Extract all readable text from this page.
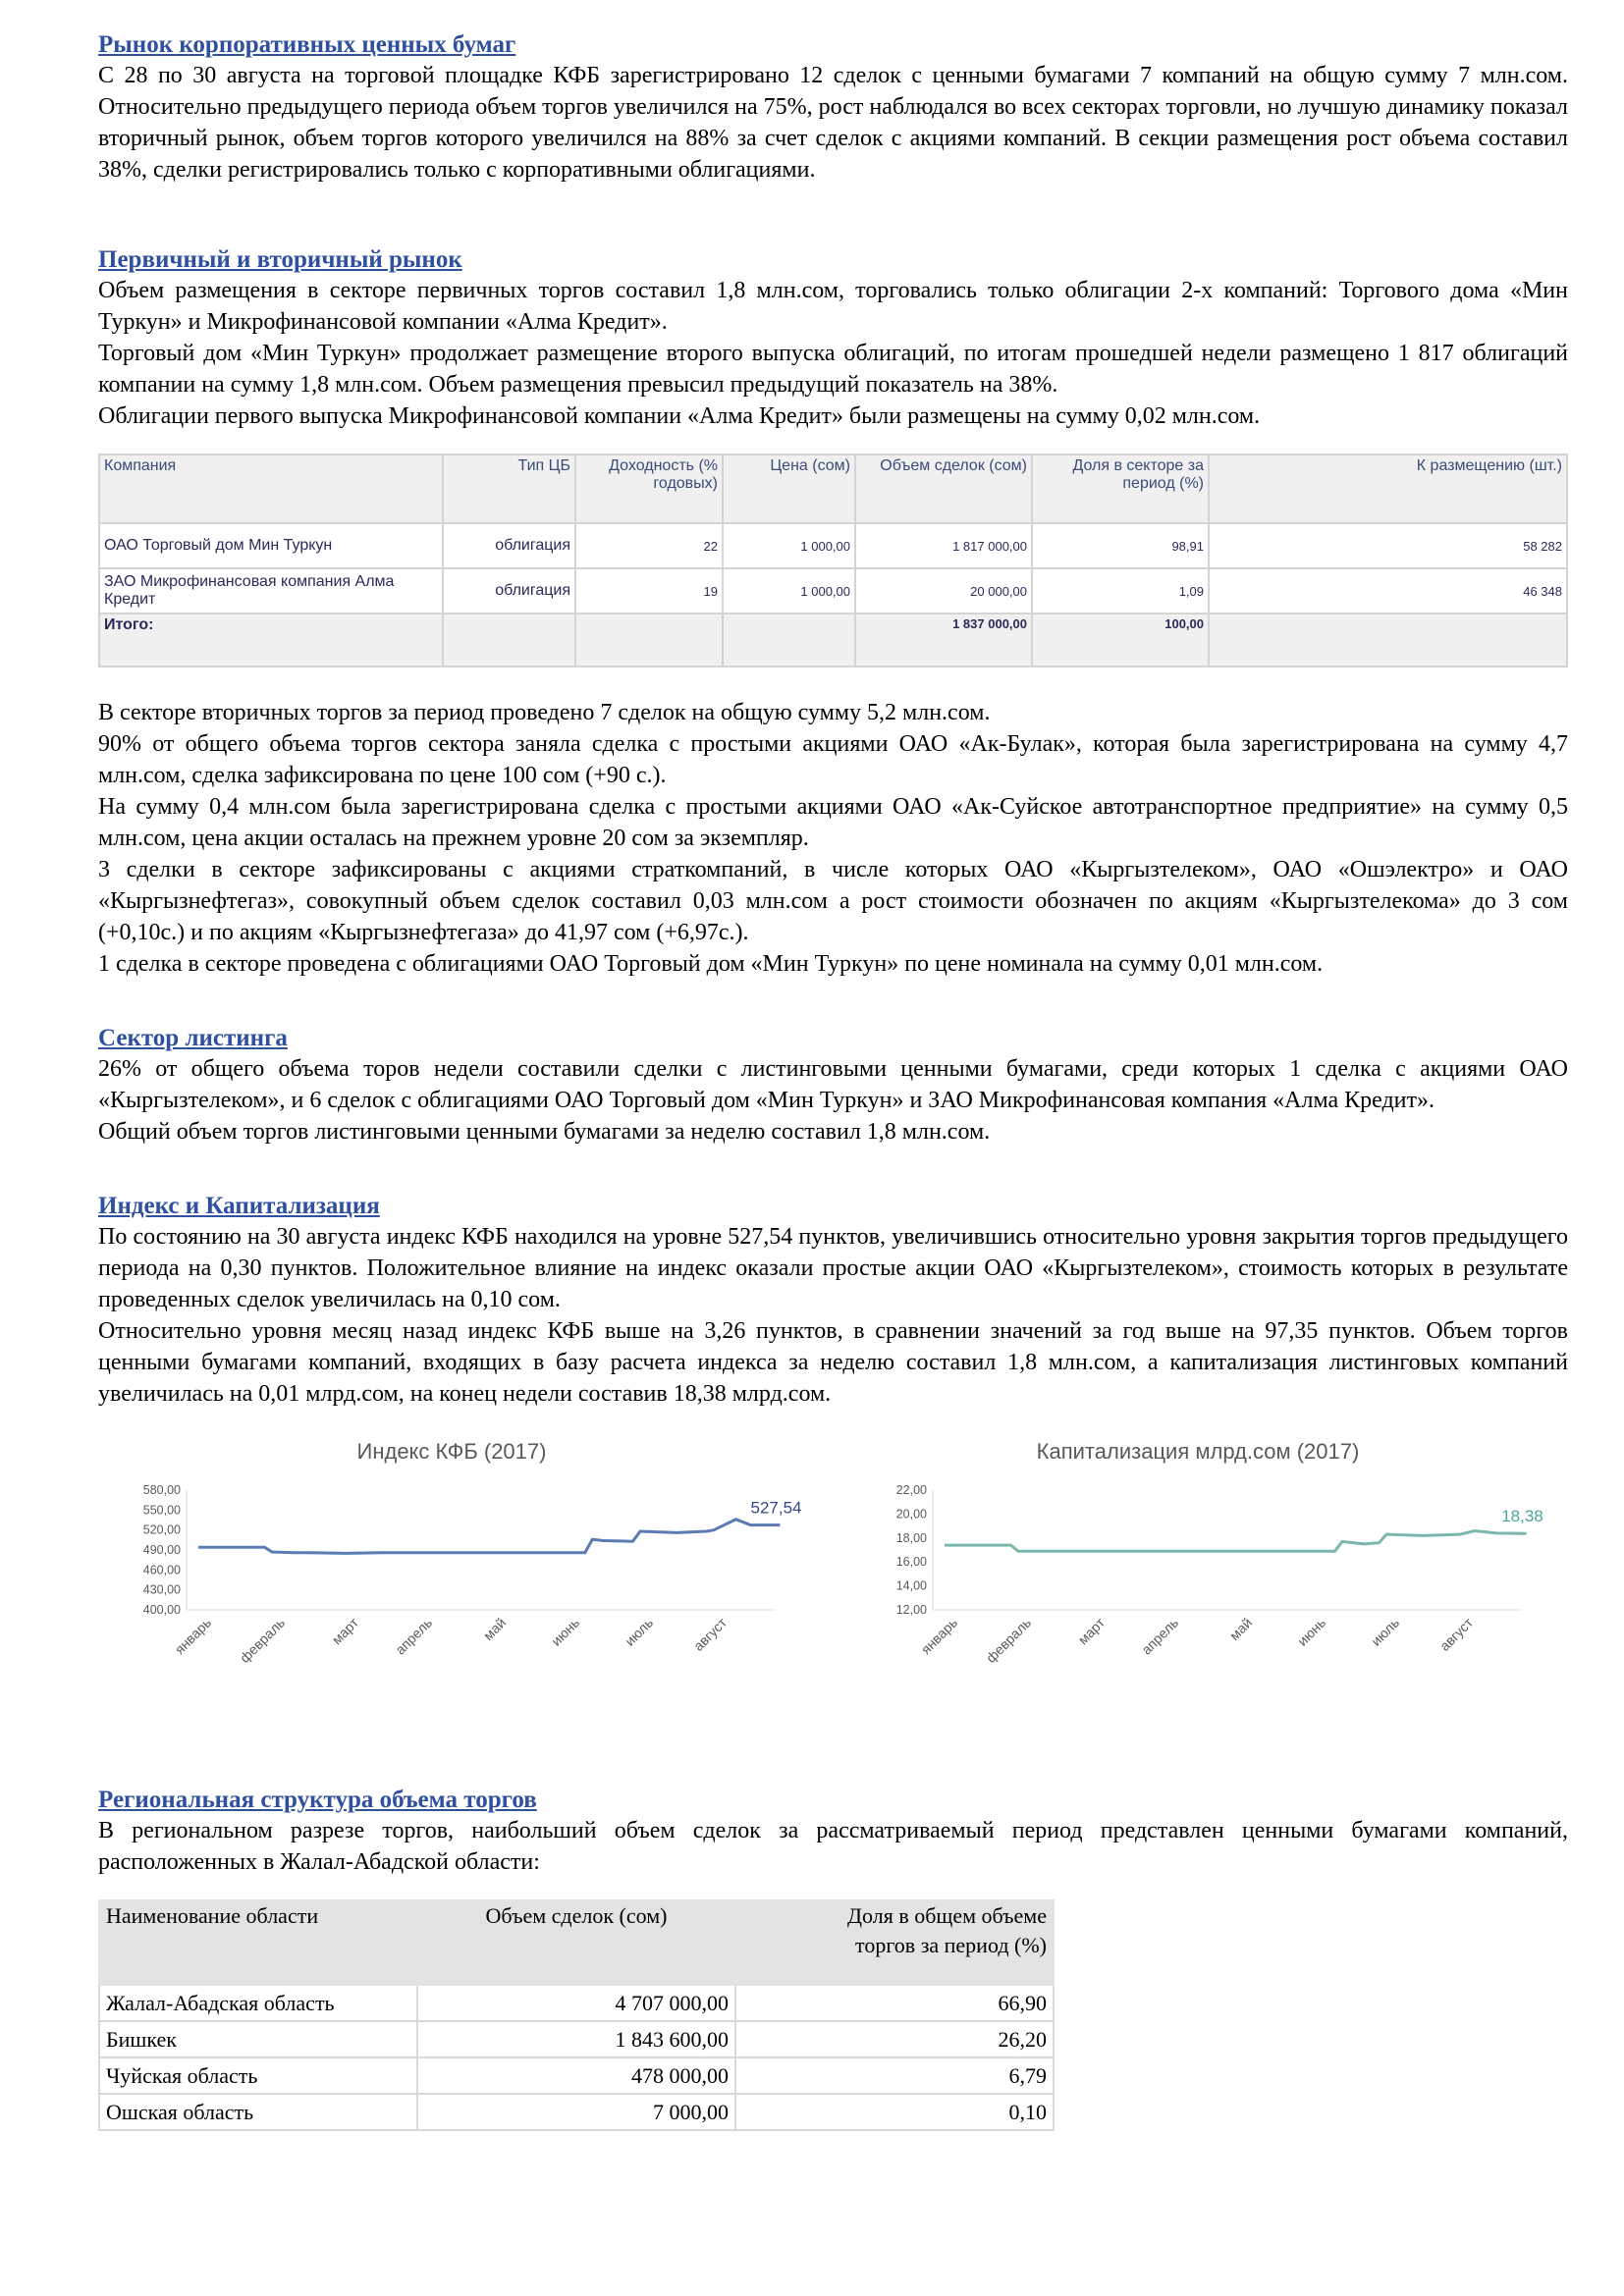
Рынок корпоративных ценных бумаг

С 28 по 30 августа на торговой площадке КФБ зарегистрировано 12 сделок с ценными бумагами 7 компаний на общую сумму 7 млн.сом. Относительно предыдущего периода объем торгов увеличился на 75%, рост наблюдался во всех секторах торговли, но лучшую динамику показал вторичный рынок, объем торгов которого увеличился на 88% за счет сделок с акциями компаний. В секции размещения рост объема составил 38%, сделки регистрировались только с корпоративными облигациями.

Первичный и вторичный рынок

Объем размещения в секторе первичных торгов составил 1,8 млн.сом, торговались только облигации 2-х компаний: Торгового дома «Мин Туркун» и Микрофинансовой компании «Алма Кредит».

Торговый дом «Мин Туркун» продолжает размещение второго выпуска облигаций, по итогам прошедшей недели размещено 1 817 облигаций компании на сумму 1,8 млн.сом. Объем размещения превысил предыдущий показатель на 38%.

Облигации первого выпуска Микрофинансовой компании «Алма Кредит» были размещены на сумму 0,02 млн.сом.

Компания	Тип ЦБ	Доходность (% годовых)	Цена (сом)	Объем сделок (сом)	Доля в секторе за период (%)	К размещению (шт.)
ОАО Торговый дом Мин Туркун	облигация	22	1 000,00	1 817 000,00	98,91	58 282
ЗАО Микрофинансовая компания Алма Кредит	облигация	19	1 000,00	20 000,00	1,09	46 348
Итого:				1 837 000,00	100,00	

В секторе вторичных торгов за период проведено 7 сделок на общую сумму 5,2 млн.сом.

90% от общего объема торгов сектора заняла сделка с простыми акциями ОАО «Ак-Булак», которая была зарегистрирована на сумму 4,7 млн.сом, сделка зафиксирована по цене 100 сом (+90 с.).

На сумму 0,4 млн.сом была зарегистрирована сделка с простыми акциями ОАО «Ак-Суйское автотранспортное предприятие» на сумму 0,5 млн.сом, цена акции осталась на прежнем уровне 20 сом за экземпляр.

3 сделки в секторе зафиксированы с акциями страткомпаний, в числе которых ОАО «Кыргызтелеком», ОАО «Ошэлектро» и ОАО «Кыргызнефтегаз», совокупный объем сделок составил 0,03 млн.сом а рост стоимости обозначен по акциям «Кыргызтелекома» до 3 сом (+0,10с.) и по акциям «Кыргызнефтегаза» до 41,97 сом (+6,97с.).

1 сделка в секторе проведена с облигациями ОАО Торговый дом «Мин Туркун» по цене номинала на сумму 0,01 млн.сом.

Сектор листинга

26% от общего объема торов недели составили сделки с листинговыми ценными бумагами, среди которых 1 сделка с акциями ОАО «Кыргызтелеком», и 6 сделок с облигациями ОАО Торговый дом «Мин Туркун» и ЗАО Микрофинансовая компания «Алма Кредит».

Общий объем торгов листинговыми ценными бумагами за неделю составил 1,8 млн.сом.

Индекс и Капитализация

По состоянию на 30 августа индекс КФБ находился на уровне 527,54 пунктов, увеличившись относительно уровня закрытия торгов предыдущего периода на 0,30 пунктов. Положительное влияние на индекс оказали простые акции ОАО «Кыргызтелеком», стоимость которых в результате проведенных сделок увеличилась на 0,10 сом.

Относительно уровня месяц назад индекс КФБ выше на 3,26 пунктов, в сравнении значений за год выше на 97,35 пунктов. Объем торгов ценными бумагами компаний, входящих в базу расчета индекса за неделю составил 1,8 млн.сом, а капитализация листинговых компаний увеличилась на 0,01 млрд.сом, на конец недели составив 18,38 млрд.сом.

Индекс КФБ (2017)
400,00
430,00
460,00
490,00
520,00
550,00
580,00
январь февраль	март апрель	май	июнь	июль август
527,54
Капитализация млрд.сом (2017)
12,00
14,00
16,00
18,00
20,00
22,00
январь февраль	март апрель	май	июнь	июль август
18,38
Региональная структура объема торгов

В региональном разрезе торгов, наибольший объем сделок за рассматриваемый период представлен ценными бумагами компаний, расположенных в Жалал-Абадской области:

Наименование области	Объем сделок (сом)	Доля в общем объеме
торгов за период (%)

Жалал-Абадская область	4 707 000,00	66,90
Бишкек	1 843 600,00	26,20
Чуйская область	478 000,00	6,79
Ошская область	7 000,00	0,10
